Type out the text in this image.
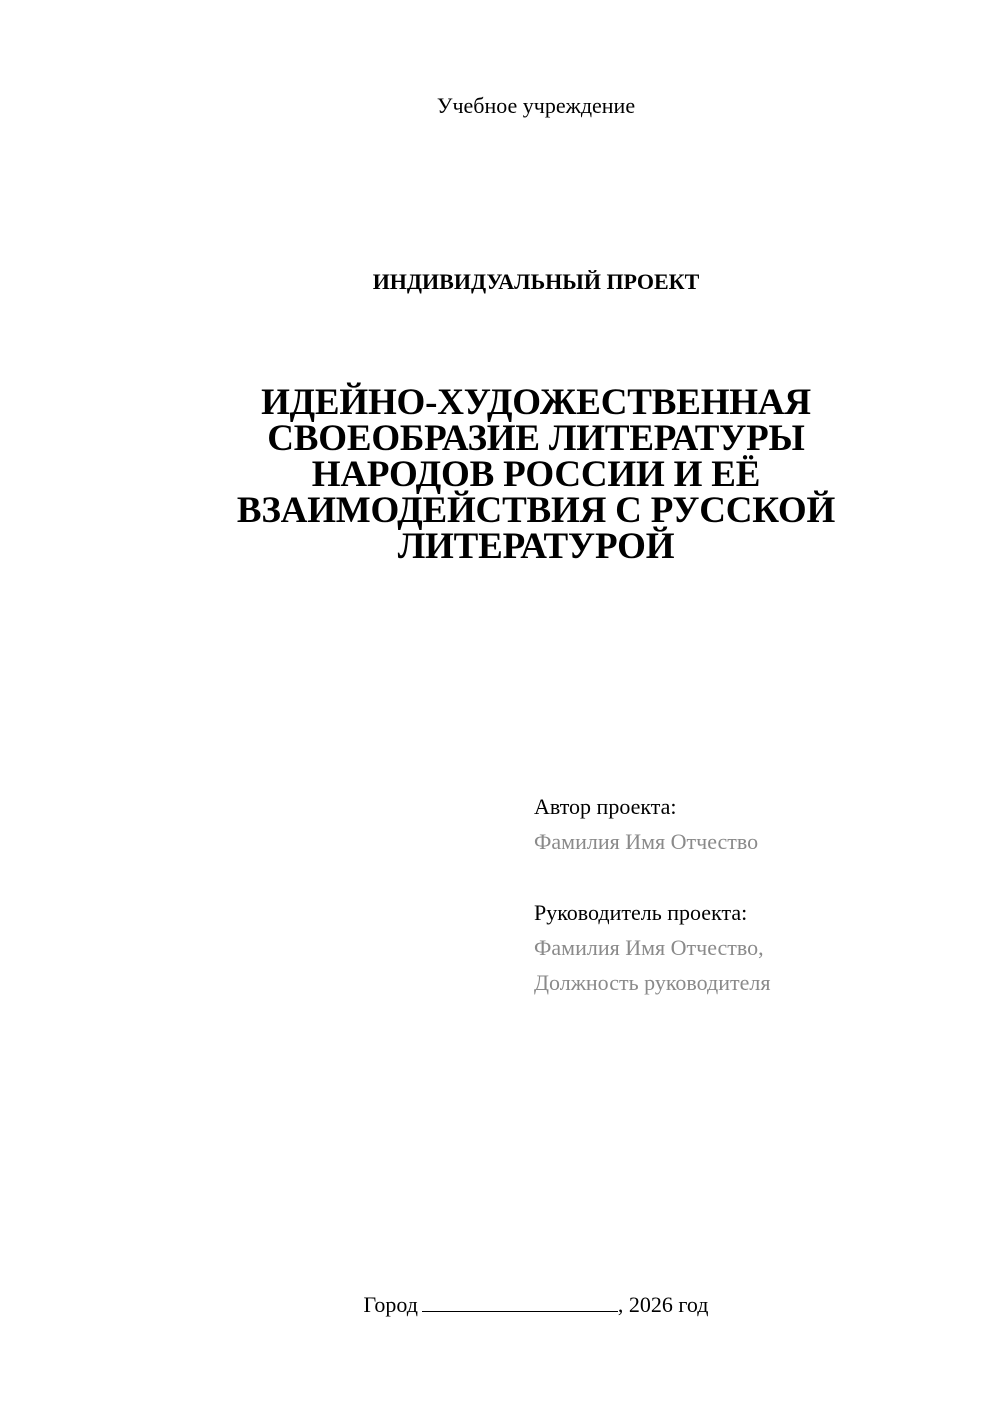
Учебное учреждение
ИНДИВИДУАЛЬНЫЙ ПРОЕКТ
ИДЕЙНО-ХУДОЖЕСТВЕННАЯ
СВОЕОБРАЗИЕ ЛИТЕРАТУРЫ
НАРОДОВ РОССИИ И ЕЁ
ВЗАИМОДЕЙСТВИЯ С РУССКОЙ
ЛИТЕРАТУРОЙ
Автор проекта:
Фамилия Имя Отчество
Руководитель проекта:
Фамилия Имя Отчество,
Должность руководителя
Город	, 2026 год
